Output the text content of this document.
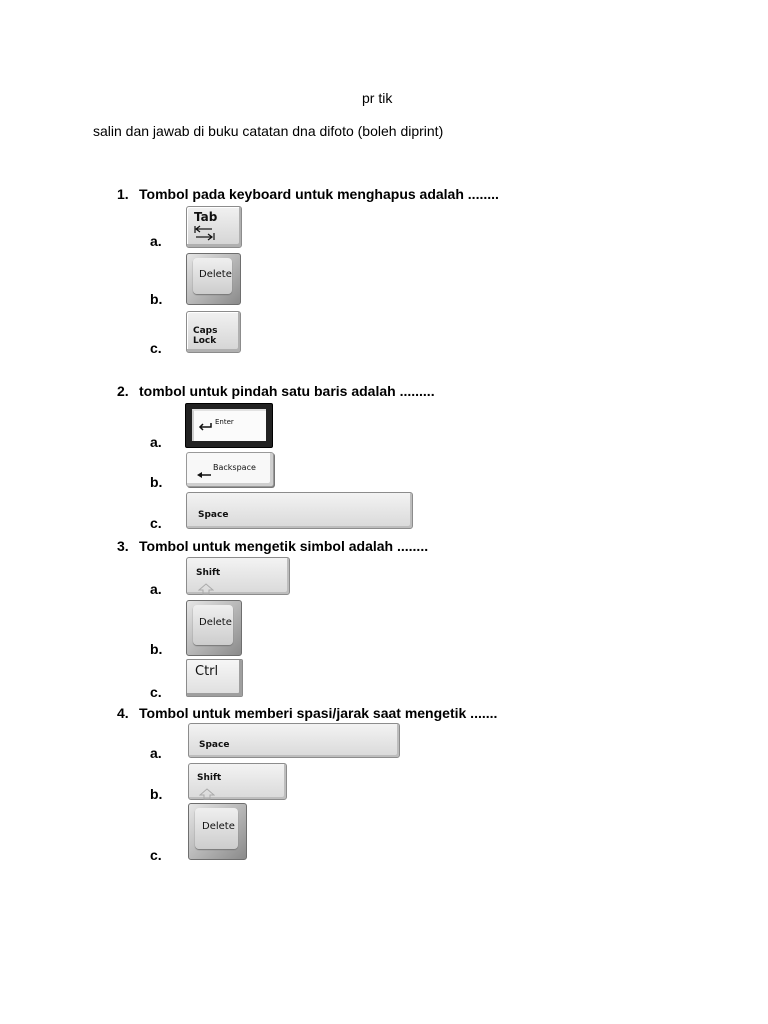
pr tik
salin dan jawab di buku catatan dna difoto (boleh diprint)
1. Tombol pada keyboard untuk menghapus adalah ........
a.
Tab
b.
Delete
c.
Caps Lock
2. tombol untuk pindah satu baris adalah .........
a.
Enter
b.
Backspace
c.	Space
3. Tombol untuk mengetik simbol adalah ........
a.
Shift
b.
Delete
c.
Ctrl
4. Tombol untuk memberi spasi/jarak saat mengetik .......
a.	Space
b.
Shift
c.
Delete
